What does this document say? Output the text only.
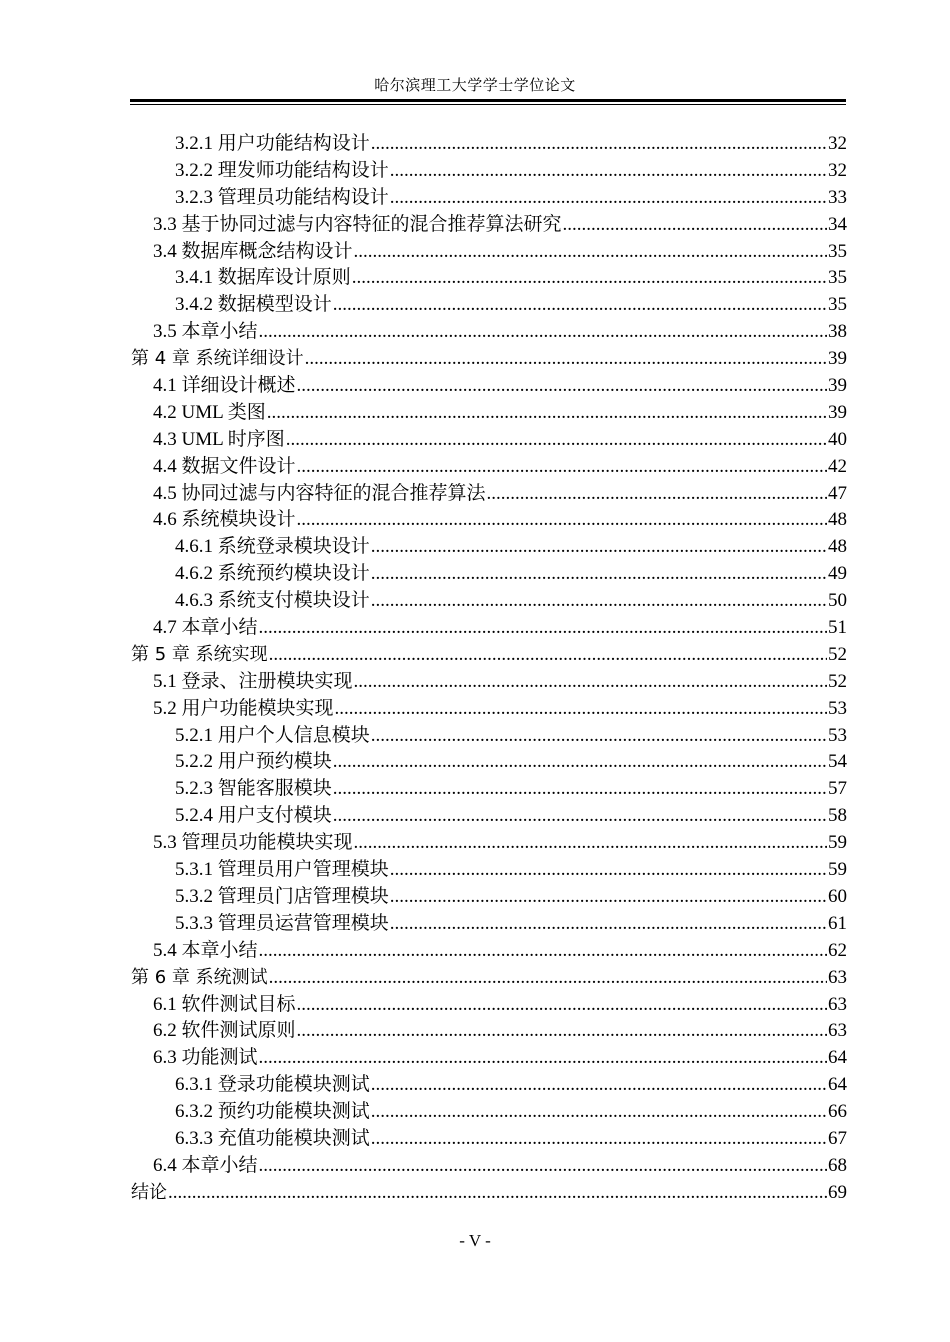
哈尔滨理工大学学士学位论文
3.2.1 用户功能结构设计 .....	32
3.2.2 理发师功能结构设计 .....	32
3.2.3 管理员功能结构设计 .....	33
3.3 基于协同过滤与内容特征的混合推荐算法研究 .....	34
3.4 数据库概念结构设计 .....	35
3.4.1 数据库设计原则 .....	35
3.4.2 数据模型设计 .....	35
3.5 本章小结 .....	38
第 4 章 系统详细设计 .....	39
4.1 详细设计概述 .....	39
4.2 UML 类图 .....	39
4.3 UML 时序图 .....	40
4.4 数据文件设计 .....	42
4.5 协同过滤与内容特征的混合推荐算法 .....	47
4.6 系统模块设计 .....	48
4.6.1 系统登录模块设计 .....	48
4.6.2 系统预约模块设计 .....	49
4.6.3 系统支付模块设计 .....	50
4.7 本章小结 .....	51
第 5 章 系统实现 .....	52
5.1 登录、注册模块实现 .....	52
5.2 用户功能模块实现 .....	53
5.2.1 用户个人信息模块 .....	53
5.2.2 用户预约模块 .....	54
5.2.3 智能客服模块 .....	57
5.2.4 用户支付模块 .....	58
5.3 管理员功能模块实现 .....	59
5.3.1 管理员用户管理模块 .....	59
5.3.2 管理员门店管理模块 .....	60
5.3.3 管理员运营管理模块 .....	61
5.4 本章小结 .....	62
第 6 章 系统测试 .....	63
6.1 软件测试目标 .....	63
6.2 软件测试原则 .....	63
6.3 功能测试 .....	64
6.3.1 登录功能模块测试 .....	64
6.3.2 预约功能模块测试 .....	66
6.3.3 充值功能模块测试 .....	67
6.4 本章小结 .....	68
结论 .....	69
- V -
